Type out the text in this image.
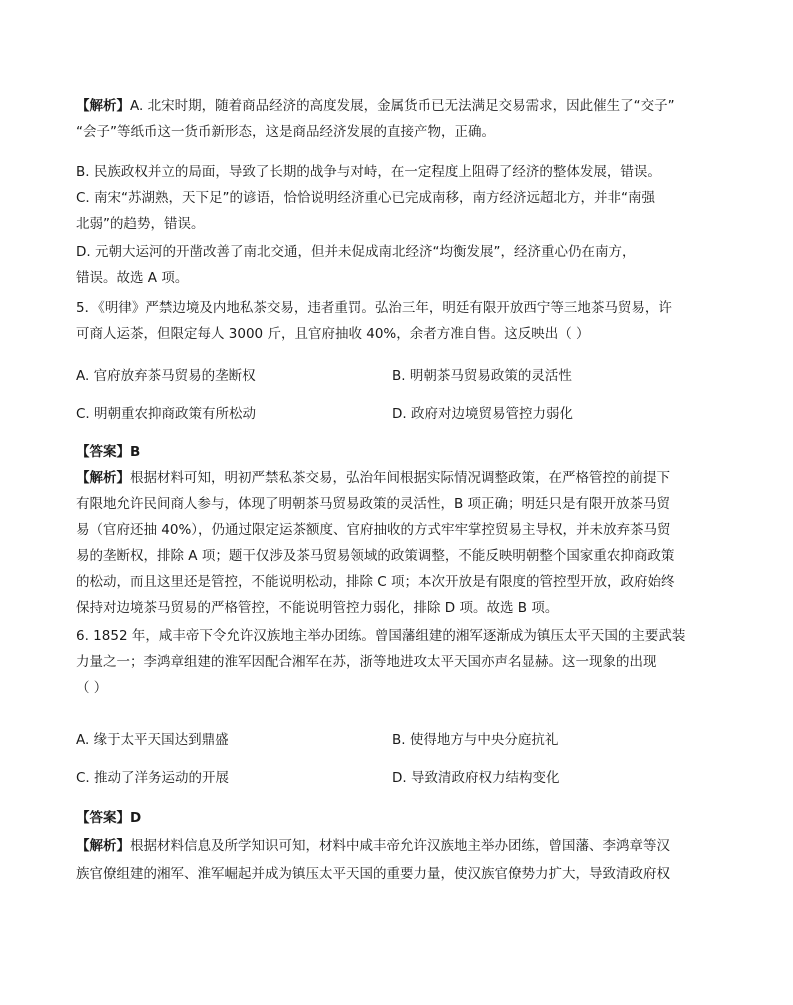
【解析】A. 北宋时期，随着商品经济的高度发展，金属货币已无法满足交易需求，因此催生了“交子”
“会子”等纸币这一货币新形态，这是商品经济发展的直接产物，正确。
B. 民族政权并立的局面，导致了长期的战争与对峙，在一定程度上阻碍了经济的整体发展，错误。
C. 南宋“苏湖熟，天下足”的谚语，恰恰说明经济重心已完成南移，南方经济远超北方，并非“南强
北弱”的趋势，错误。
D. 元朝大运河的开凿改善了南北交通，但并未促成南北经济“均衡发展”，经济重心仍在南方，
错误。故选 A 项。
5．《明律》严禁边境及内地私茶交易，违者重罚。弘治三年，明廷有限开放西宁等三地茶马贸易，许
可商人运茶，但限定每人 3000 斤，且官府抽收 40%，余者方准自售。这反映出（ ）
A. 官府放弃茶马贸易的垄断权	B. 明朝茶马贸易政策的灵活性
C. 明朝重农抑商政策有所松动	D. 政府对边境贸易管控力弱化
【答案】B
【解析】根据材料可知，明初严禁私茶交易，弘治年间根据实际情况调整政策，在严格管控的前提下
有限地允许民间商人参与，体现了明朝茶马贸易政策的灵活性，B 项正确；明廷只是有限开放茶马贸
易（官府还抽 40%），仍通过限定运茶额度、官府抽收的方式牢牢掌控贸易主导权，并未放弃茶马贸
易的垄断权，排除 A 项；题干仅涉及茶马贸易领域的政策调整，不能反映明朝整个国家重农抑商政策
的松动，而且这里还是管控，不能说明松动，排除 C 项；本次开放是有限度的管控型开放，政府始终
保持对边境茶马贸易的严格管控，不能说明管控力弱化，排除 D 项。故选 B 项。
6. 1852 年，咸丰帝下令允许汉族地主举办团练。曾国藩组建的湘军逐渐成为镇压太平天国的主要武装
力量之一；李鸿章组建的淮军因配合湘军在苏，浙等地进攻太平天国亦声名显赫。这一现象的出现
（ ）
A. 缘于太平天国达到鼎盛	B. 使得地方与中央分庭抗礼
C. 推动了洋务运动的开展	D. 导致清政府权力结构变化
【答案】D
【解析】根据材料信息及所学知识可知，材料中咸丰帝允许汉族地主举办团练，曾国藩、李鸿章等汉
族官僚组建的湘军、淮军崛起并成为镇压太平天国的重要力量，使汉族官僚势力扩大，导致清政府权
